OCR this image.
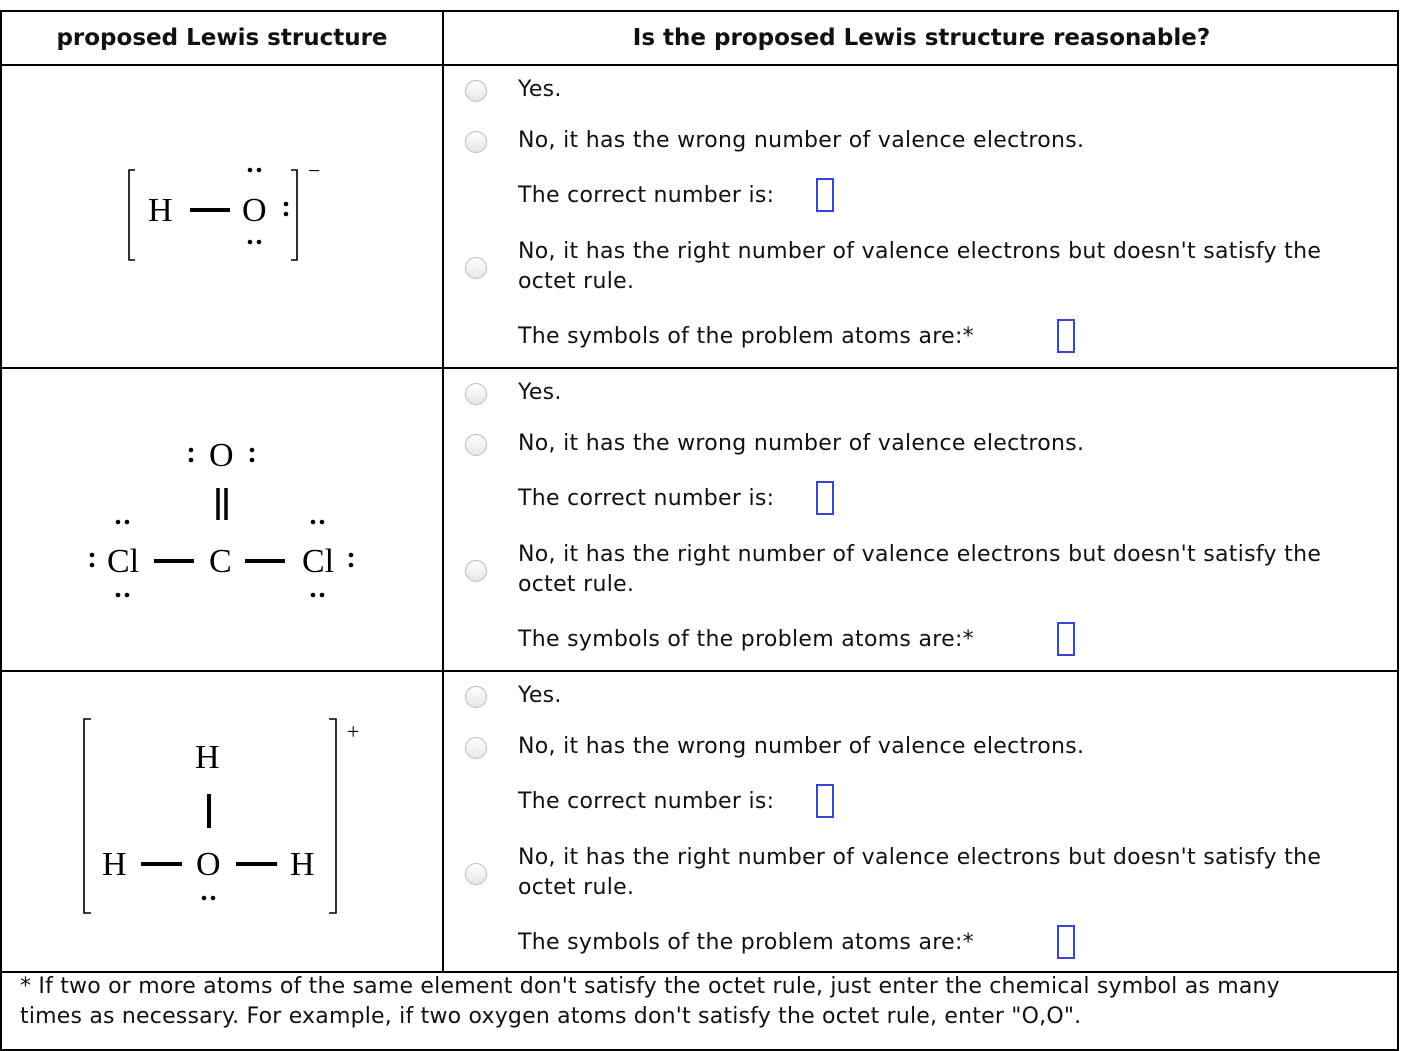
proposed Lewis structure	Is the proposed Lewis structure reasonable?
−
H O
Yes.
No, it has the wrong number of valence electrons.
The correct number is:
No, it has the right number of valence electrons but doesn't satisfy the
octet rule.
The symbols of the problem atoms are:*
O
C
Cl	Cl
Yes.
No, it has the wrong number of valence electrons.
The correct number is:
No, it has the right number of valence electrons but doesn't satisfy the
octet rule.
The symbols of the problem atoms are:*
+
H
H O H
Yes.
No, it has the wrong number of valence electrons.
The correct number is:
No, it has the right number of valence electrons but doesn't satisfy the
octet rule.
The symbols of the problem atoms are:*
* If two or more atoms of the same element don't satisfy the octet rule, just enter the chemical symbol as many
times as necessary. For example, if two oxygen atoms don't satisfy the octet rule, enter "O,O".
